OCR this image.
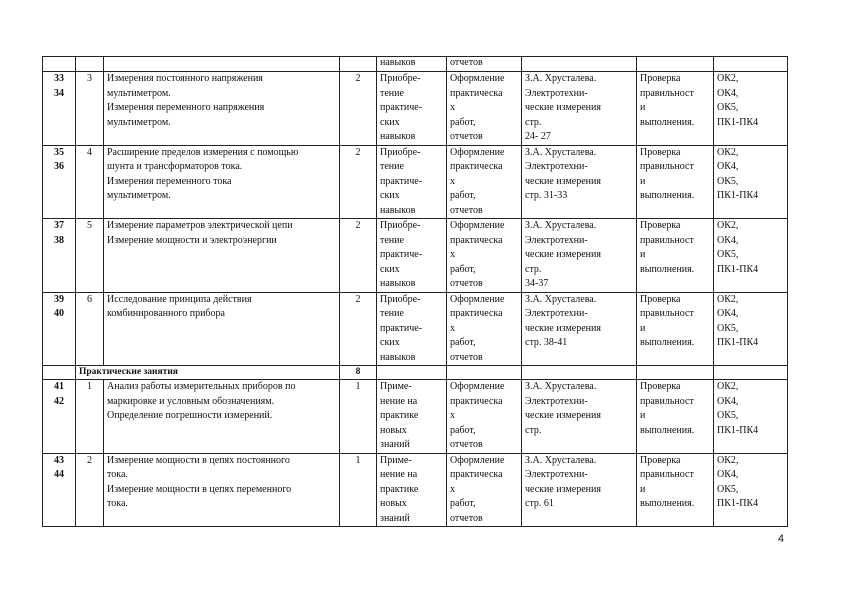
				навыков	отчетов			

33
34	3	Измерения постоянного напряжения
мультиметром.
Измерения переменного напряжения
мультиметром.	2	Приобре-
тение
практиче-
ских
навыков	Оформление
практическа
х
работ,
отчетов	З.А. Хрусталева.
Электротехни-
ческие измерения
стр.
24- 27	Проверка
правильност
и
выполнения.	ОК2,
ОК4,
ОК5,
ПК1-ПК4

35
36	4	Расширение пределов измерения с помощью
шунта и трансформаторов тока.
Измерения переменного тока
мультиметром.	2	Приобре-
тение
практиче-
ских
навыков	Оформление
практическа
х
работ,
отчетов	З.А. Хрусталева.
Электротехни-
ческие измерения
стр. 31-33	Проверка
правильност
и
выполнения.	ОК2,
ОК4,
ОК5,
ПК1-ПК4

37
38	5	Измерение параметров электрической цепи
Измерение мощности и электроэнергии	2	Приобре-
тение
практиче-
ских
навыков	Оформление
практическа
х
работ,
отчетов	З.А. Хрусталева.
Электротехни-
ческие измерения
стр.
34-37	Проверка
правильност
и
выполнения.	ОК2,
ОК4,
ОК5,
ПК1-ПК4

39
40	6	Исследование принципа действия
комбинированного прибора	2	Приобре-
тение
практиче-
ских
навыков	Оформление
практическа
х
работ,
отчетов	З.А. Хрусталева.
Электротехни-
ческие измерения
стр. 38-41	Проверка
правильност
и
выполнения.	ОК2,
ОК4,
ОК5,
ПК1-ПК4

	Практические занятия		8					

41
42	1	Анализ работы измерительных приборов по
маркировке и условным обозначениям.
Определение погрешности измерений.	1	Приме-
нение на
практике
новых
знаний	Оформление
практическа
х
работ,
отчетов	З.А. Хрусталева.
Электротехни-
ческие измерения
стр.	Проверка
правильност
и
выполнения.	ОК2,
ОК4,
ОК5,
ПК1-ПК4

43
44	2	Измерение мощности в цепях постоянного
тока.
Измерение мощности в цепях переменного
тока.	1	Приме-
нение на
практике
новых
знаний	Оформление
практическа
х
работ,
отчетов	З.А. Хрусталева.
Электротехни-
ческие измерения
стр. 61	Проверка
правильност
и
выполнения.	ОК2,
ОК4,
ОК5,
ПК1-ПК4
4
